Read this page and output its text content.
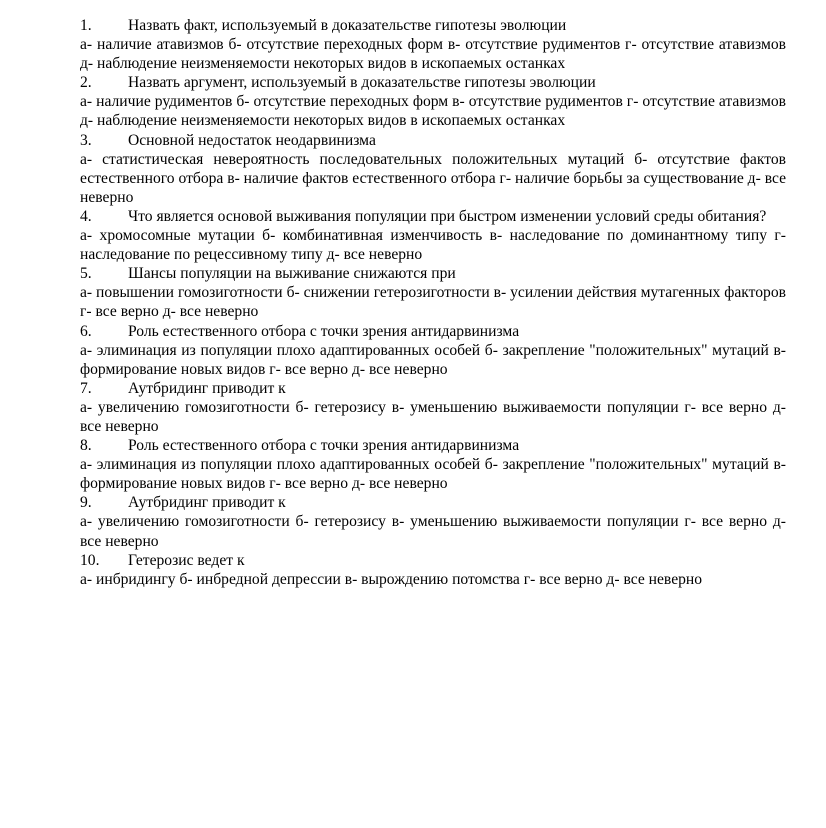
1.	Назвать факт, используемый в доказательстве гипотезы эволюции

а- наличие атавизмов б- отсутствие переходных форм в- отсутствие рудиментов г- отсутствие атавизмов д- наблюдение неизменяемости некоторых видов в ископаемых останках

2.	Назвать аргумент, используемый в доказательстве гипотезы эволюции

а- наличие рудиментов б- отсутствие переходных форм в- отсутствие рудиментов г- отсутствие атавизмов д- наблюдение неизменяемости некоторых видов в ископаемых останках

3.	Основной недостаток неодарвинизма

а- статистическая невероятность последовательных положительных мутаций б- отсутствие фактов естественного отбора в- наличие фактов естественного отбора г- наличие борьбы за существование д- все неверно

4.	Что является основой выживания популяции при быстром изменении условий среды обитания?

а- хромосомные мутации б- комбинативная изменчивость в- наследование по доминантному типу г- наследование по рецессивному типу д- все неверно

5.	Шансы популяции на выживание снижаются при

а- повышении гомозиготности б- снижении гетерозиготности в- усилении действия мутагенных факторов г- все верно д- все неверно

6.	Роль естественного отбора с точки зрения антидарвинизма

а- элиминация из популяции плохо адаптированных особей б- закрепление "положительных" мутаций в- формирование новых видов г- все верно д- все неверно

7.	Аутбридинг приводит к

а- увеличению гомозиготности б- гетерозису в- уменьшению выживаемости популяции г- все верно д- все неверно

8.	Роль естественного отбора с точки зрения антидарвинизма

а- элиминация из популяции плохо адаптированных особей б- закрепление "положительных" мутаций в- формирование новых видов г- все верно д- все неверно

9.	Аутбридинг приводит к

а- увеличению гомозиготности б- гетерозису в- уменьшению выживаемости популяции г- все верно д- все неверно

10.	Гетерозис ведет к

а- инбридингу б- инбредной депрессии в- вырождению потомства г- все верно д- все неверно
